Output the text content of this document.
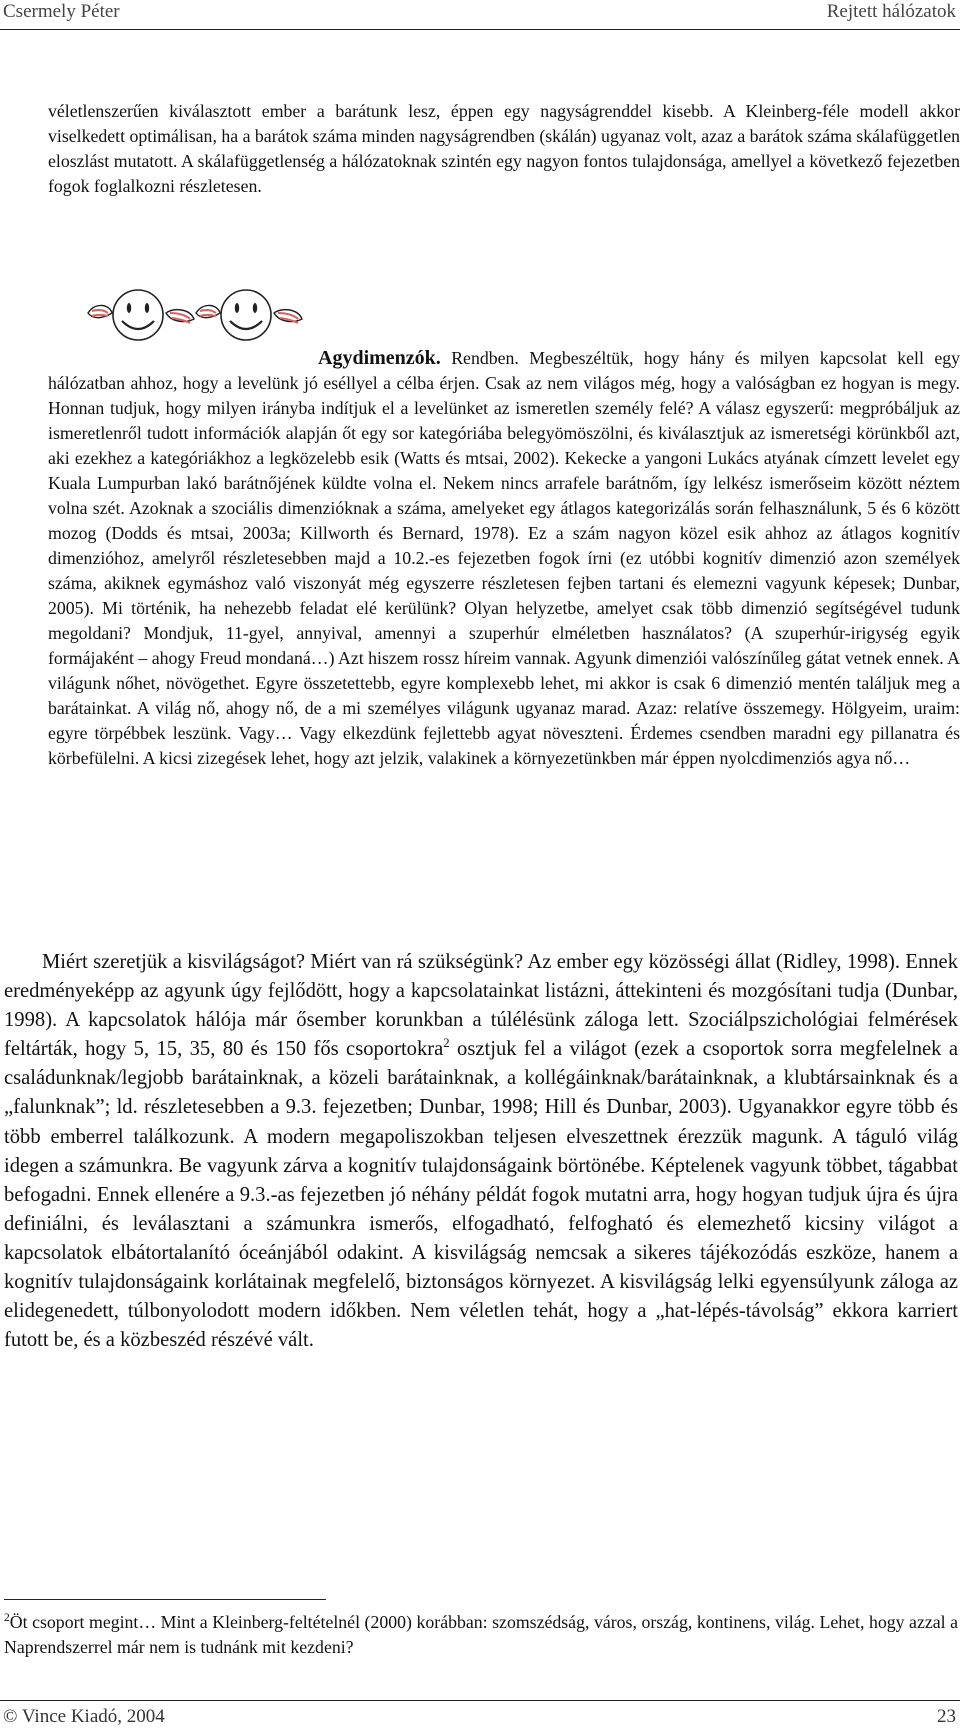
Csermely Péter	Rejtett hálózatok

véletlenszerűen kiválasztott ember a barátunk lesz, éppen egy nagyságrenddel kisebb. A Kleinberg-féle modell akkor viselkedett optimálisan, ha a barátok száma minden nagyságrendben (skálán) ugyanaz volt, azaz a barátok száma skálafüggetlen eloszlást mutatott. A skálafüggetlenség a hálózatoknak szintén egy nagyon fontos tulajdonsága, amellyel a következő fejezetben fogok foglalkozni részletesen.

Agydimenzók. Rendben. Megbeszéltük, hogy hány és milyen kapcsolat kell egy hálózatban ahhoz, hogy a levelünk jó eséllyel a célba érjen. Csak az nem világos még, hogy a valóságban ez hogyan is megy. Honnan tudjuk, hogy milyen irányba indítjuk el a levelünket az ismeretlen személy felé? A válasz egyszerű: megpróbáljuk az ismeretlenről tudott információk alapján őt egy sor kategóriába belegyömöszölni, és kiválasztjuk az ismeretségi körünkből azt, aki ezekhez a kategóriákhoz a legközelebb esik (Watts és mtsai, 2002). Kekecke a yangoni Lukács atyának címzett levelet egy Kuala Lumpurban lakó barátnőjének küldte volna el. Nekem nincs arrafele barátnőm, így lelkész ismerőseim között néztem volna szét. Azoknak a szociális dimenzióknak a száma, amelyeket egy átlagos kategorizálás során felhasználunk, 5 és 6 között mozog (Dodds és mtsai, 2003a; Killworth és Bernard, 1978). Ez a szám nagyon közel esik ahhoz az átlagos kognitív dimenzióhoz, amelyről részletesebben majd a 10.2.-es fejezetben fogok írni (ez utóbbi kognitív dimenzió azon személyek száma, akiknek egymáshoz való viszonyát még egyszerre részletesen fejben tartani és elemezni vagyunk képesek; Dunbar, 2005). Mi történik, ha nehezebb feladat elé kerülünk? Olyan helyzetbe, amelyet csak több dimenzió segítségével tudunk megoldani? Mondjuk, 11-gyel, annyival, amennyi a szuperhúr elméletben használatos? (A szuperhúr-irigység egyik formájaként – ahogy Freud mondaná…) Azt hiszem rossz híreim vannak. Agyunk dimenziói valószínűleg gátat vetnek ennek. A világunk nőhet, növögethet. Egyre összetettebb, egyre komplexebb lehet, mi akkor is csak 6 dimenzió mentén találjuk meg a barátainkat. A világ nő, ahogy nő, de a mi személyes világunk ugyanaz marad. Azaz: relatíve összemegy. Hölgyeim, uraim: egyre törpébbek leszünk. Vagy… Vagy elkezdünk fejlettebb agyat növeszteni. Érdemes csendben maradni egy pillanatra és körbefülelni. A kicsi zizegések lehet, hogy azt jelzik, valakinek a környezetünkben már éppen nyolcdimenziós agya nő…

Miért szeretjük a kisvilágságot? Miért van rá szükségünk? Az ember egy közösségi állat (Ridley, 1998). Ennek eredményeképp az agyunk úgy fejlődött, hogy a kapcsolatainkat listázni, áttekinteni és mozgósítani tudja (Dunbar, 1998). A kapcsolatok hálója már ősember korunkban a túlélésünk záloga lett. Szociálpszichológiai felmérések feltárták, hogy 5, 15, 35, 80 és 150 fős csoportokra$^2$ osztjuk fel a világot (ezek a csoportok sorra megfelelnek a családunknak/legjobb barátainknak, a közeli barátainknak, a kollégáinknak/barátainknak, a klubtársainknak és a „falunknak”; ld. részletesebben a 9.3. fejezetben; Dunbar, 1998; Hill és Dunbar, 2003). Ugyanakkor egyre több és több emberrel találkozunk. A modern megapoliszokban teljesen elveszettnek érezzük magunk. A táguló világ idegen a számunkra. Be vagyunk zárva a kognitív tulajdonságaink börtönébe. Képtelenek vagyunk többet, tágabbat befogadni. Ennek ellenére a 9.3.-as fejezetben jó néhány példát fogok mutatni arra, hogy hogyan tudjuk újra és újra definiálni, és leválasztani a számunkra ismerős, elfogadható, felfogható és elemezhető kicsiny világot a kapcsolatok elbátortalanító óceánjából odakint. A kisvilágság nemcsak a sikeres tájékozódás eszköze, hanem a kognitív tulajdonságaink korlátainak megfelelő, biztonságos környezet. A kisvilágság lelki egyensúlyunk záloga az elidegenedett, túlbonyolodott modern időkben. Nem véletlen tehát, hogy a „hat-lépés-távolság” ekkora karriert futott be, és a közbeszéd részévé vált.

$^2$Öt csoport megint… Mint a Kleinberg-feltételnél (2000) korábban: szomszédság, város, ország, kontinens, világ. Lehet, hogy azzal a Naprendszerrel már nem is tudnánk mit kezdeni?

© Vince Kiadó, 2004	23
